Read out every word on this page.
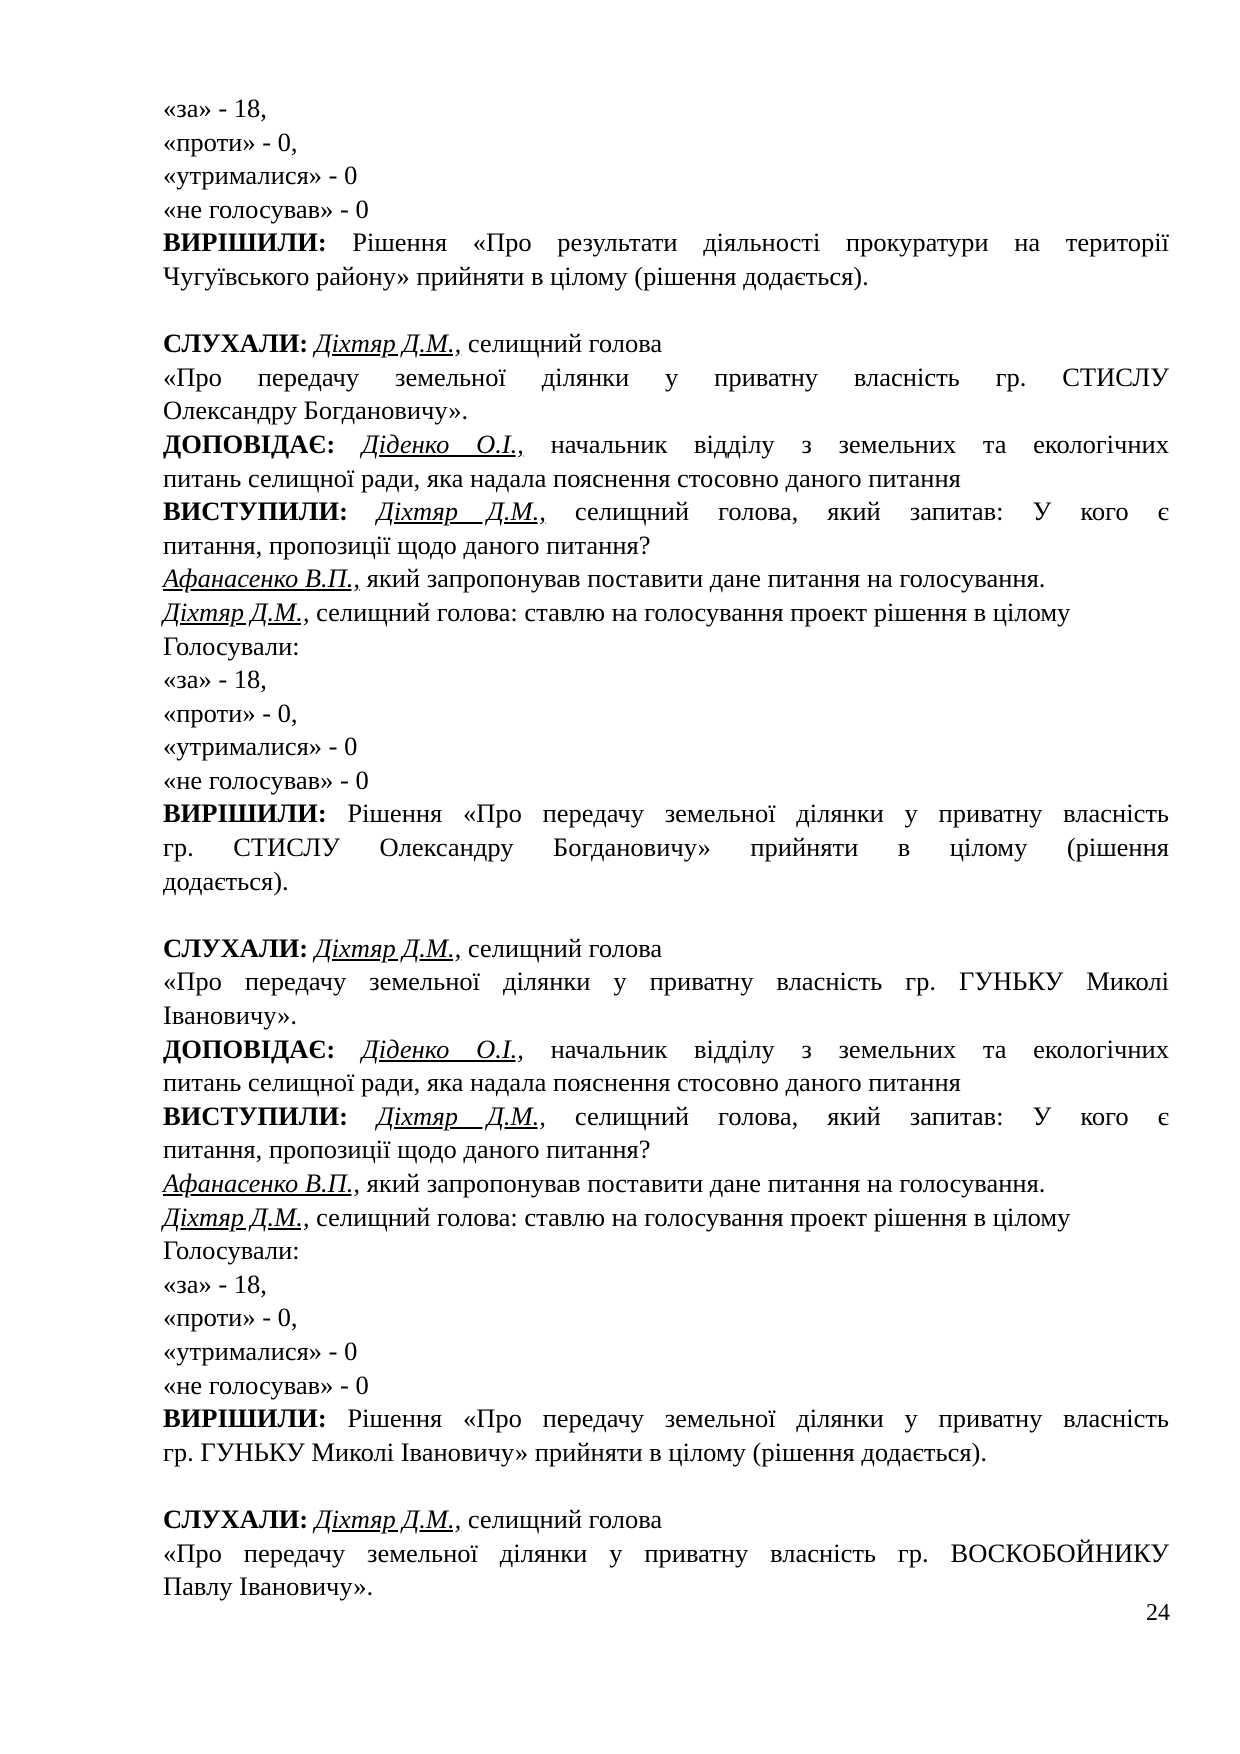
«за» - 18,
«проти» - 0,
«утрималися» - 0
«не голосував» - 0
ВИРІШИЛИ: Рішення «Про результати діяльності прокуратури на території
Чугуївського району» прийняти в цілому (рішення додається).
СЛУХАЛИ: Діхтяр Д.М., селищний голова
«Про передачу земельної ділянки у приватну власність гр. СТИСЛУ
Олександру Богдановичу».
ДОПОВІДАЄ: Діденко О.І., начальник відділу з земельних та екологічних
питань селищної ради, яка надала пояснення стосовно даного питання
ВИСТУПИЛИ: Діхтяр Д.М., селищний голова, який запитав: У кого є
питання, пропозиції щодо даного питання?
Афанасенко В.П., який запропонував поставити дане питання на голосування.
Діхтяр Д.М., селищний голова: ставлю на голосування проект рішення в цілому
Голосували:
«за» - 18,
«проти» - 0,
«утрималися» - 0
«не голосував» - 0
ВИРІШИЛИ: Рішення «Про передачу земельної ділянки у приватну власність
гр. СТИСЛУ Олександру Богдановичу» прийняти в цілому (рішення
додається).
СЛУХАЛИ: Діхтяр Д.М., селищний голова
«Про передачу земельної ділянки у приватну власність гр. ГУНЬКУ Миколі
Івановичу».
ДОПОВІДАЄ: Діденко О.І., начальник відділу з земельних та екологічних
питань селищної ради, яка надала пояснення стосовно даного питання
ВИСТУПИЛИ: Діхтяр Д.М., селищний голова, який запитав: У кого є
питання, пропозиції щодо даного питання?
Афанасенко В.П., який запропонував поставити дане питання на голосування.
Діхтяр Д.М., селищний голова: ставлю на голосування проект рішення в цілому
Голосували:
«за» - 18,
«проти» - 0,
«утрималися» - 0
«не голосував» - 0
ВИРІШИЛИ: Рішення «Про передачу земельної ділянки у приватну власність
гр. ГУНЬКУ Миколі Івановичу» прийняти в цілому (рішення додається).
СЛУХАЛИ: Діхтяр Д.М., селищний голова
«Про передачу земельної ділянки у приватну власність гр. ВОСКОБОЙНИКУ
Павлу Івановичу».
24
